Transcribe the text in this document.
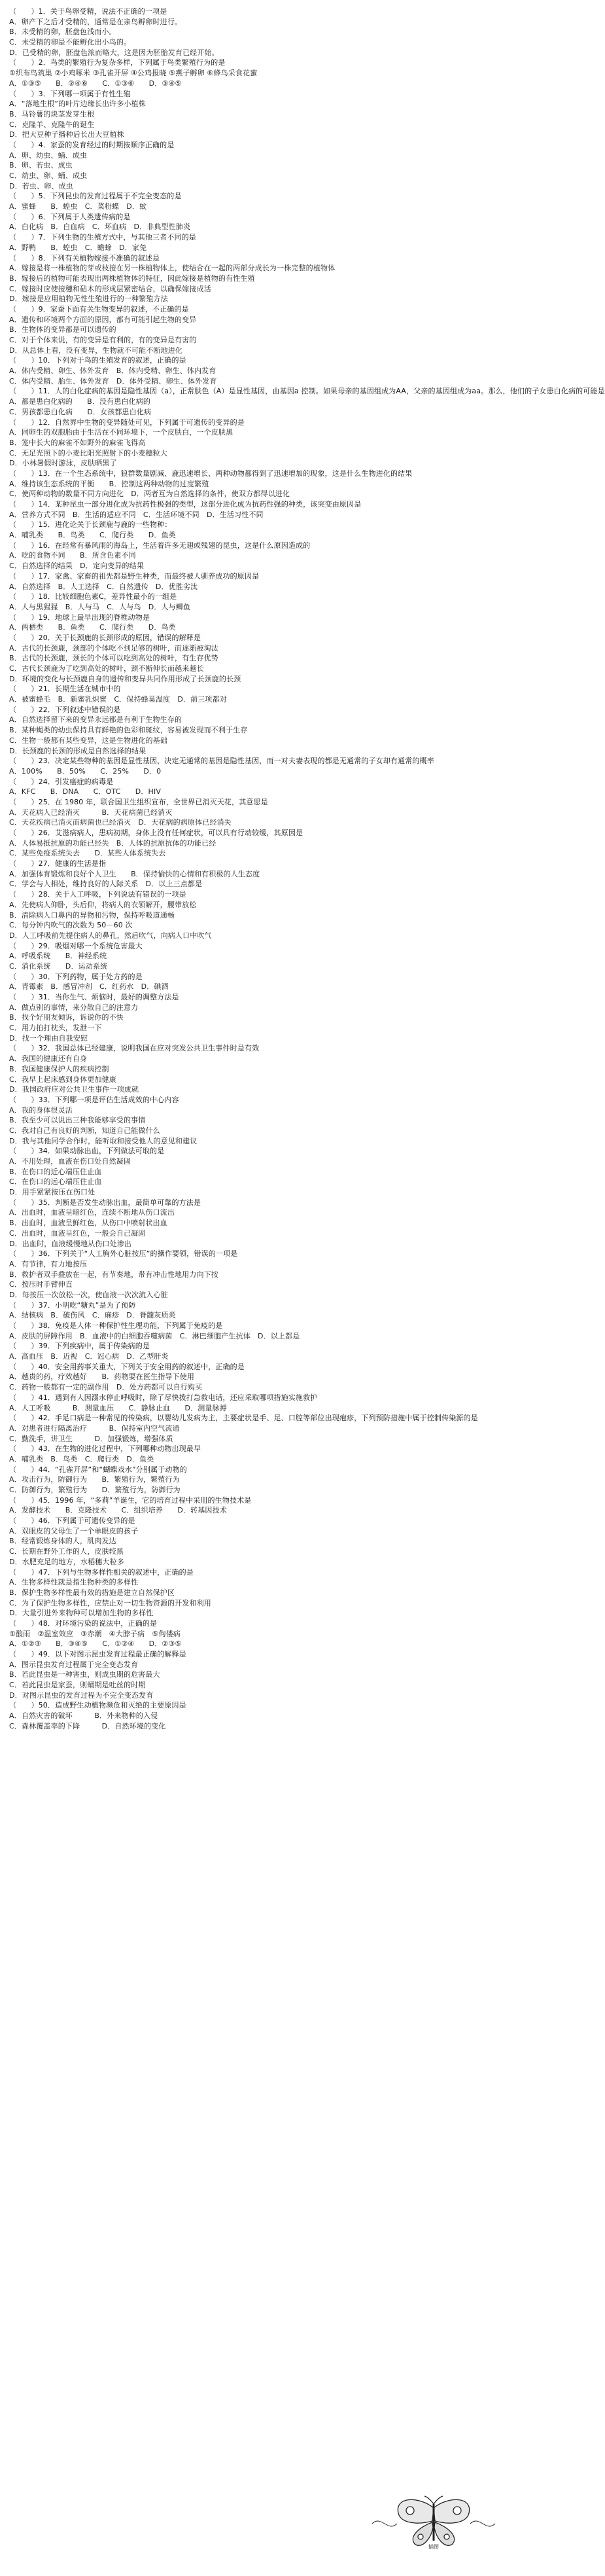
（　　）1．关于鸟卵受精，说法不正确的一项是
A．卵产下之后才受精的，通常是在亲鸟孵卵时进行。
B．未受精的卵，胚盘色浅而小。
C．未受精的卵是不能孵化出小鸟的。
D．已受精的卵，胚盘色浓而略大，这是因为胚胎发育已经开始。
（　　）2．鸟类的繁殖行为复杂多样，下列属于鸟类繁殖行为的是
①织布鸟筑巢 ②小鸡啄米 ③孔雀开屏 ④公鸡报晓 ⑤燕子孵卵 ⑥蜂鸟采食花蜜
A．①③⑤　　B．②④⑥　　C．①③⑥　　D．③④⑤
（　　）3．下列哪一项属于有性生殖
A．“落地生根”的叶片边缘长出许多小植株
B．马铃薯的块茎发芽生根
C．克隆羊、克隆牛的诞生
D．把大豆种子播种后长出大豆植株
（　　）4．家蚕的发育经过的时期按顺序正确的是
A．卵、幼虫、蛹、成虫
B．卵、若虫、成虫
C．幼虫、卵、蛹、成虫
D．若虫、卵、成虫
（　　）5．下列昆虫的发育过程属于不完全变态的是
A．蜜蜂　　B．蝗虫　C．菜粉蝶　D．蚊
（　　）6．下列属于人类遗传病的是
A．白化病　B．白血病　C．坏血病　D．非典型性肺炎
（　　）7．下列生物的生殖方式中，与其他三者不同的是
A．野鸭　　B．蝗虫　C．蟾蜍　D．家兔
（　　）8．下列有关植物嫁接不准确的叙述是
A．嫁接是将一株植物的芽或枝接在另一株植物体上，使结合在一起的两部分成长为一株完整的植物体
B．嫁接后的植物可能表现出两株植物体的特征，因此嫁接是植物的有性生殖
C．嫁接时应使接穗和砧木的形成层紧密结合，以确保嫁接成活
D．嫁接是应用植物无性生殖进行的一种繁殖方法
（　　）9．家蚕下面有关生物变异的叙述，不正确的是
A．遗传和环境两个方面的原因，都有可能引起生物的变异
B．生物体的变异都是可以遗传的
C．对于个体来说，有的变异是有利的，有的变异是有害的
D．从总体上看，没有变异，生物就不可能不断地进化
（　　）10．下列对于鸟的生殖发育的叙述，正确的是
A．体内受精、卵生、体外发育　B．体内受精、卵生、体内发育
C．体内受精、胎生、体外发育　D．体外受精、卵生、体外发育
（　　）11．人的白化症病的基因是隐性基因（a），正常肤色（A）是显性基因，由基因a 控制。如果母亲的基因组成为AA，父亲的基因组成为aa。那么，他们的子女患白化病的可能是
A．都是患白化病的　　B．没有患白化病的
C．男孩都患白化病　　D．女孩都患白化病
（　　）12．自然界中生物的变异随处可见，下列属于可遗传的变异的是
A．同卵生的双胞胎由于生活在不同环境下，一个皮肤白，一个皮肤黑
B．笼中长大的麻雀不如野外的麻雀飞得高
C．无足光照下的小麦比阳光照射下的小麦穗粒大
D．小林暑假时游泳，皮肤晒黑了
（　　）13．在一个生态系统中，狼群数量剧减、鹿迅速增长、两种动物都得到了迅速增加的现象，这是什么生物进化的结果
A．维持该生态系统的平衡　　B．控制这两种动物的过度繁殖
C．使两种动物的数量不同方向进化　D．两者互为自然选择的条件，使双方都得以进化
（　　）14．某种昆虫一部分进化成为抗药性极强的类型，这部分进化成为抗药性强的种类，该突变由原因是
A．营养方式不同　B．生活的适应不同　C．生活环境不同　D．生活习性不同
（　　）15．进化论关于长颈鹿与鹿的一些物种：
A．哺乳类　　B．鸟类　　C．爬行类　　D．鱼类
（　　）16．在经常有暴风雨的海岛上，生活着许多无翅或残翅的昆虫，这是什么原因造成的
A．吃的食物不同　　B．所含色素不同
C．自然选择的结果　D．定向变异的结果
（　　）17．家禽、家畜的祖先都是野生种类，而最终被人驯养成功的原因是
A．自然选择　B．人工选择　C．自然遗传　D．优胜劣汰
（　　）18．比较细胞色素C，差异性最小的一组是
A．人与黑猩猩　B．人与马　C．人与鸟　D．人与鲫鱼
（　　）19．地球上最早出现的脊椎动物是
A．两栖类　　B．鱼类　　C．爬行类　　D．鸟类
（　　）20．关于长颈鹿的长颈形成的原因，错误的解释是
A．古代的长颈鹿，颈部的个体吃不到足够的树叶，而逐渐被淘汰
B．古代的长颈鹿，颈长的个体可以吃到高处的树叶，有生存优势
C．古代长颈鹿为了吃到高处的树叶，颈不断伸长而越来越长
D．环境的变化与长颈鹿自身的遗传和变异共同作用形成了长颈鹿的长颈
（　　）21．长期生活在城市中的
A．被蜜蜂毛　B．新蜜乳炽蜜　C．保持蜂巢温度　D．前三项都对
（　　）22．下列叙述中错误的是
A．自然选择留下来的变异永远都是有利于生物生存的
B．某种蝇类的幼虫保持具有鲜艳的色彩和斑纹，容易被发现而不利于生存
C．生物一般都有某些变异，这是生物进化的基础
D．长颈鹿的长颈的形成是自然选择的结果
（　　）23．决定某些物种的基因是显性基因，决定无通常的基因是隐性基因，而一对夫妻表现的都是无通常的子女却有通常的概率
A．100%　　B．50%　　C．25%　　D．0
（　　）24．引发癌症的病毒是
A．KFC　　B．DNA　　C．OTC　　D．HIV
（　　）25．在 1980 年，联合国卫生组织宣布，全世界已消灭天花，其意思是
A．天花病人已经消灭　　　B．天花病菌已经消灭
C．天花疾病已消灭而病菌也已经消灭　D．天花病的病原体已经消失
（　　）26．艾滋病病人，患病初期，身体上没有任何症状，可以具有行动较缓，其原因是
A．人体易抵抗原的功能已经失　B．人体的抗原抗体的功能已经
C．某些免疫系统失去　　D．某些人体系统失去
（　　）27．健康的生活是指
A．加强体育锻炼和良好个人卫生　　B．保持愉快的心情和有积极的人生态度
C．学会与人相处，维持良好的人际关系　D．以上三点都是
（　　）28．关于人工呼吸，下列说法有错误的一项是
A．先使病人仰卧，头后仰，将病人的衣领解开，腰带放松
B．清除病人口鼻内的异物和污物，保持呼吸道通畅
C．每分钟内吹气的次数为 50－60 次
D．人工呼吸前先提住病人的鼻孔，然后吹气，向病人口中吹气
（　　）29．吸烟对哪一个系统危害最大
A．呼吸系统　　B．神经系统
C．消化系统　　D．运动系统
（　　）30．下列药物，属于处方药的是
A．青霉素　B．感冒冲剂　C．红药水　D．碘酒
（　　）31．当你生气、烦恼时，最好的调整方法是
A．做点别的事情，来分散自己的注意力
B．找个好朋友倾诉，诉说你的不快
C．用力拍打枕头，发泄一下
D．找一个理由自我安慰
（　　）32．我国总体已经建康，说明我国在应对突发公共卫生事件时是有效
A．我国的健康还有自身
B．我国健康保护人的疾病控制
C．我早上起床感到身体更加健康
D．我国政府应对公共卫生事件一项成就
（　　）33．下列哪一项是评估生活成效的中心内容
A．我的身体很灵活
B．我至少可以说出三种我能够享受的事情
C．我对自己有良好的判断，知道自己能做什么
D．我与其他同学合作时，能听取和接受他人的意见和建议
（　　）34．如果动脉出血，下列做法可取的是
A．不用处理，血液在伤口处自然凝固
B．在伤口的近心端压住止血
C．在伤口的远心端压住止血
D．用手紧紧按压在伤口处
（　　）35．判断是否发生动脉出血，最简单可靠的方法是
A．出血时，血液呈暗红色，连续不断地从伤口流出
B．出血时，血液呈鲜红色，从伤口中喷射状出血
C．出血时，血液呈红色，一般会自己凝固
D．出血时，血液缓慢地从伤口处渗出
（　　）36．下列关于“人工胸外心脏按压”的操作要领，错误的一项是
A．有节律，有力地按压
B．救护者双手叠放在一起，有节奏地，带有冲击性地用力向下按
C．按压时手臂伸直
D．每按压一次放松一次，使血液一次次流入心脏
（　　）37．小明吃“糖丸”是为了预防
A．结核病　B．破伤风　C．麻疹　D．脊髓灰质炎
（　　）38．免疫是人体一种保护性生理功能，下列属于免疫的是
A．皮肤的屏障作用　B．血液中的白细胞吞噬病菌　C．淋巴细胞产生抗体　D．以上都是
（　　）39．下列疾病中，属于传染病的是
A．高血压　B．近视　C．冠心病　D．乙型肝炎
（　　）40．安全用药事关重大，下列关于安全用药的叙述中，正确的是
A．越贵的药，疗效越好　　B．药物要在医生指导下使用
C．药物一般都有一定的副作用　D．处方药都可以自行购买
（　　）41．遇到有人因溺水停止呼吸时，除了尽快拨打急救电话，还应采取哪项措施实施救护
A．人工呼吸　　　B．测量血压　　C．静脉止血　　D．测量脉搏
（　　）42．手足口病是一种常见的传染病，以婴幼儿发病为主，主要症状是手、足、口腔等部位出现疱疹，下列预防措施中属于控制传染源的是
A．对患者进行隔离治疗　　　B．保持室内空气流通
C．勤洗手，讲卫生　　　D．加强锻炼，增强体质
（　　）43．在生物的进化过程中，下列哪种动物出现最早
A．哺乳类　B．鸟类　C．爬行类　D．鱼类
（　　）44．“孔雀开屏”和“蝴蝶戏水”分别属于动物的
A．攻击行为，防御行为　　B．繁殖行为，繁殖行为
C．防御行为，繁殖行为　　D．繁殖行为，防御行为
（　　）45．1996 年，“多莉”羊诞生，它的培育过程中采用的生物技术是
A．发酵技术　　B．克隆技术　　C．组织培养　　D．转基因技术
（　　）46．下列属于可遗传变异的是
A．双眼皮的父母生了一个单眼皮的孩子
B．经常锻炼身体的人，肌肉发达
C．长期在野外工作的人，皮肤较黑
D．水肥充足的地方，水稻穗大粒多
（　　）47．下列与生物多样性相关的叙述中，正确的是
A．生物多样性就是指生物种类的多样性
B．保护生物多样性最有效的措施是建立自然保护区
C．为了保护生物多样性，应禁止对一切生物资源的开发和利用
D．大量引进外来物种可以增加生物的多样性
（　　）48．对环境污染的说法中，正确的是
①酸雨　②温室效应　③赤潮　④大脖子病　⑤佝偻病
A．①②③　　B．③④⑤　　C．①②④　　D．②③⑤
（　　）49．以下对图示昆虫发育过程最正确的解释是
A．图示昆虫发育过程属于完全变态发育
B．若此昆虫是一种害虫，则成虫期的危害最大
C．若此昆虫是家蚕，则蛹期是吐丝的时期
D．对图示昆虫的发育过程为不完全变态发育
（　　）50．造成野生动植物濒危和灭绝的主要原因是
A．自然灾害的破坏　　　B．外来物种的入侵
C．森林覆盖率的下降　　　D．自然环境的变化
插图
